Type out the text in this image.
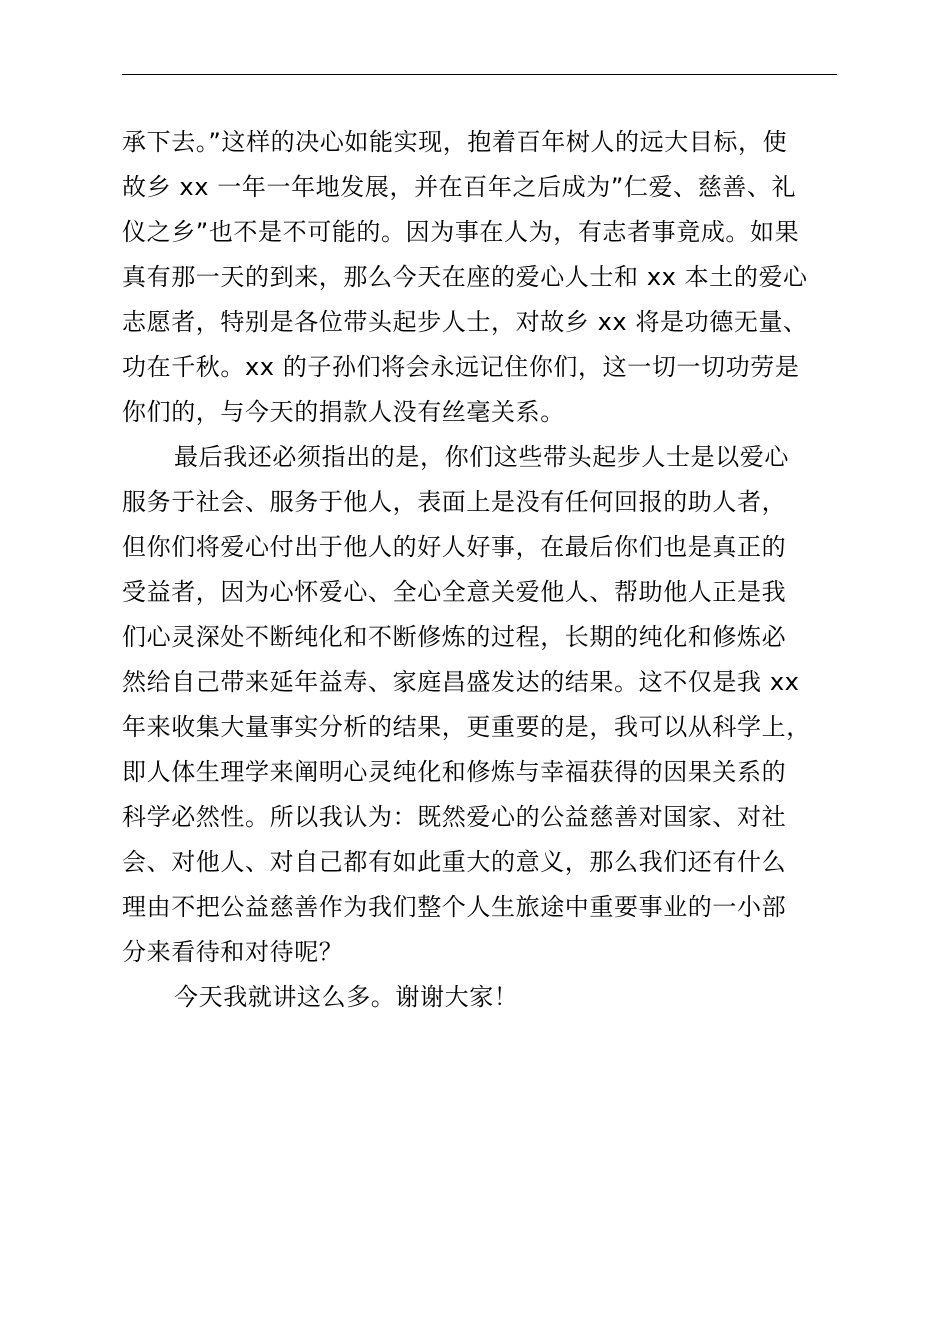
承下去。”这样的决心如能实现，抱着百年树人的远大目标，使
故乡 xx 一年一年地发展，并在百年之后成为”仁爱、慈善、礼
仪之乡”也不是不可能的。因为事在人为，有志者事竟成。如果
真有那一天的到来，那么今天在座的爱心人士和 xx 本土的爱心
志愿者，特别是各位带头起步人士，对故乡 xx 将是功德无量、
功在千秋。xx 的子孙们将会永远记住你们，这一切一切功劳是
你们的，与今天的捐款人没有丝毫关系。
最后我还必须指出的是，你们这些带头起步人士是以爱心
服务于社会、服务于他人，表面上是没有任何回报的助人者，
但你们将爱心付出于他人的好人好事，在最后你们也是真正的
受益者，因为心怀爱心、全心全意关爱他人、帮助他人正是我
们心灵深处不断纯化和不断修炼的过程，长期的纯化和修炼必
然给自己带来延年益寿、家庭昌盛发达的结果。这不仅是我 xx
年来收集大量事实分析的结果，更重要的是，我可以从科学上，
即人体生理学来阐明心灵纯化和修炼与幸福获得的因果关系的
科学必然性。所以我认为：既然爱心的公益慈善对国家、对社
会、对他人、对自己都有如此重大的意义，那么我们还有什么
理由不把公益慈善作为我们整个人生旅途中重要事业的一小部
分来看待和对待呢？
今天我就讲这么多。谢谢大家！
